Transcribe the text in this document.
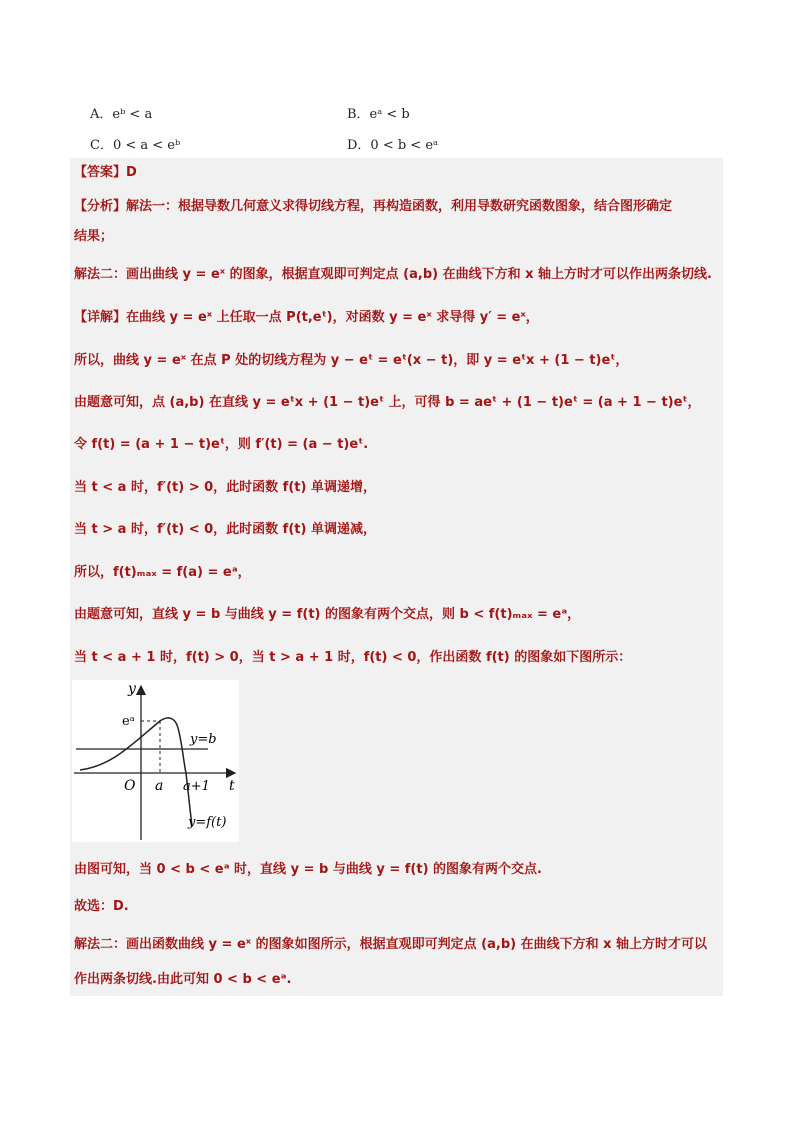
A．eᵇ < a	B．eᵃ < b
C．0 < a < eᵇ	D．0 < b < eᵃ
【答案】D
【分析】解法一：根据导数几何意义求得切线方程，再构造函数，利用导数研究函数图象，结合图形确定
结果；
解法二：画出曲线 y = eˣ 的图象，根据直观即可判定点 (a,b) 在曲线下方和 x 轴上方时才可以作出两条切线.
【详解】在曲线 y = eˣ 上任取一点 P(t,eᵗ)，对函数 y = eˣ 求导得 y′ = eˣ，
所以，曲线 y = eˣ 在点 P 处的切线方程为 y − eᵗ = eᵗ(x − t)，即 y = eᵗx + (1 − t)eᵗ，
由题意可知，点 (a,b) 在直线 y = eᵗx + (1 − t)eᵗ 上，可得 b = aeᵗ + (1 − t)eᵗ = (a + 1 − t)eᵗ，
令 f(t) = (a + 1 − t)eᵗ，则 f′(t) = (a − t)eᵗ.
当 t < a 时，f′(t) > 0，此时函数 f(t) 单调递增，
当 t > a 时，f′(t) < 0，此时函数 f(t) 单调递减，
所以，f(t)ₘₐₓ = f(a) = eᵃ，
由题意可知，直线 y = b 与曲线 y = f(t) 的图象有两个交点，则 b < f(t)ₘₐₓ = eᵃ，
当 t < a + 1 时，f(t) > 0，当 t > a + 1 时，f(t) < 0，作出函数 f(t) 的图象如下图所示：
y
t
O
eᵃ
y=b
a a+1
y=f(t)
由图可知，当 0 < b < eᵃ 时，直线 y = b 与曲线 y = f(t) 的图象有两个交点.
故选：D.
解法二：画出函数曲线 y = eˣ 的图象如图所示，根据直观即可判定点 (a,b) 在曲线下方和 x 轴上方时才可以
作出两条切线.由此可知 0 < b < eᵃ.
